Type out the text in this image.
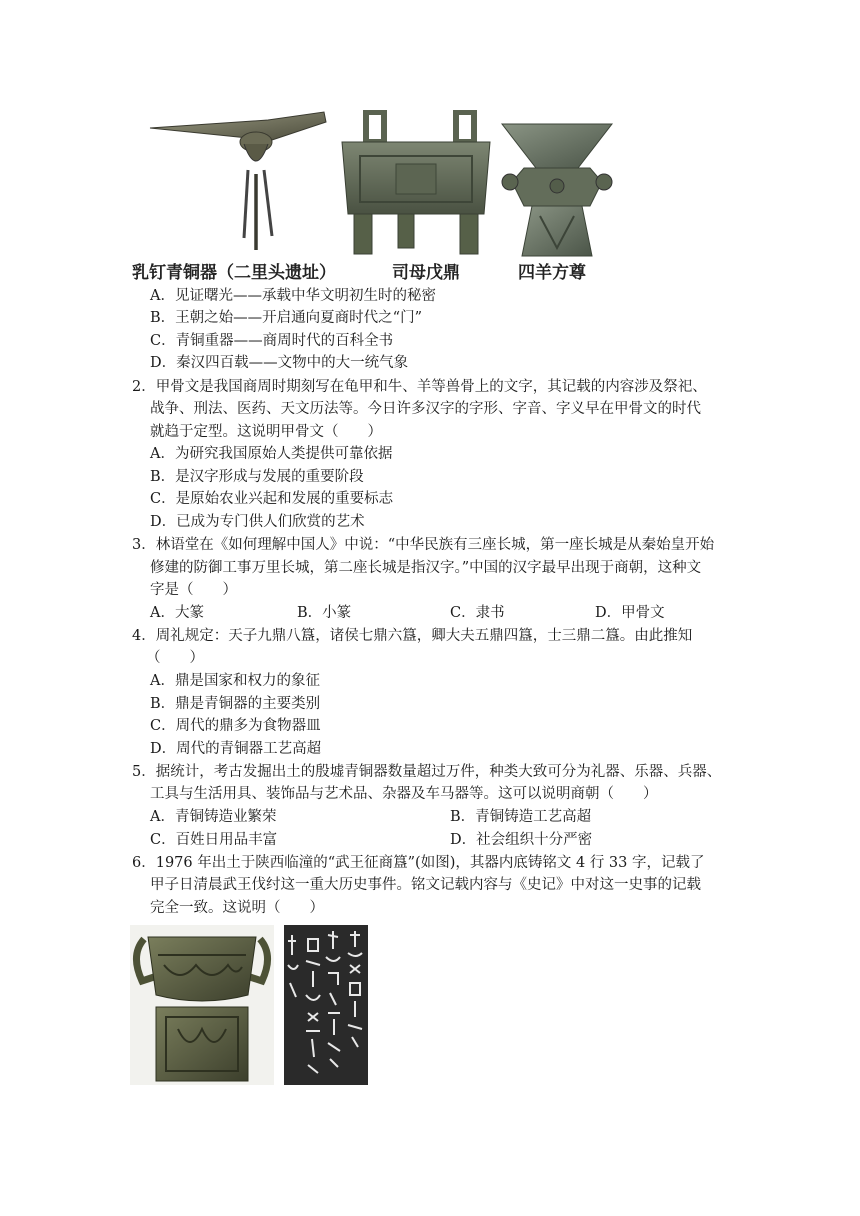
乳钉青铜器（二里头遗址）	司母戊鼎	四羊方尊
A．见证曙光——承载中华文明初生时的秘密
B．王朝之始——开启通向夏商时代之“门”
C．青铜重器——商周时代的百科全书
D．秦汉四百载——文物中的大一统气象
2．甲骨文是我国商周时期刻写在龟甲和牛、羊等兽骨上的文字，其记载的内容涉及祭祀、
战争、刑法、医药、天文历法等。今日许多汉字的字形、字音、字义早在甲骨文的时代
就趋于定型。这说明甲骨文（　　）
A．为研究我国原始人类提供可靠依据
B．是汉字形成与发展的重要阶段
C．是原始农业兴起和发展的重要标志
D．已成为专门供人们欣赏的艺术
3．林语堂在《如何理解中国人》中说：“中华民族有三座长城，第一座长城是从秦始皇开始
修建的防御工事万里长城，第二座长城是指汉字。”中国的汉字最早出现于商朝，这种文
字是（　　）
A．大篆	B．小篆	C．隶书	D．甲骨文
4．周礼规定：天子九鼎八簋，诸侯七鼎六簋，卿大夫五鼎四簋，士三鼎二簋。由此推知
（　　）
A．鼎是国家和权力的象征
B．鼎是青铜器的主要类别
C．周代的鼎多为食物器皿
D．周代的青铜器工艺高超
5．据统计，考古发掘出土的殷墟青铜器数量超过万件，种类大致可分为礼器、乐器、兵器、
工具与生活用具、装饰品与艺术品、杂器及车马器等。这可以说明商朝（　　）
A．青铜铸造业繁荣	B．青铜铸造工艺高超
C．百姓日用品丰富	D．社会组织十分严密
6．1976 年出土于陕西临潼的“武王征商簋”(如图)，其器内底铸铭文 4 行 33 字，记载了
甲子日清晨武王伐纣这一重大历史事件。铭文记载内容与《史记》中对这一史事的记载
完全一致。这说明（　　）
